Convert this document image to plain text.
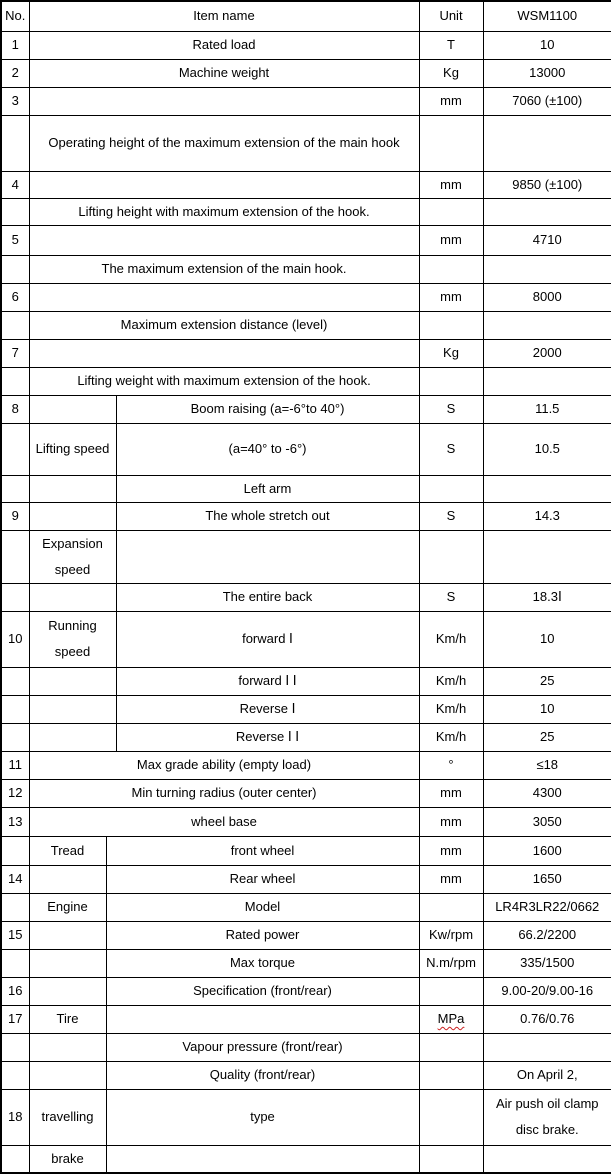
No.	Item name			Unit	WSM1100
1	Rated load			T	10
2	Machine weight			Kg	13000
3				mm	7060 (±100)
	Operating height of the maximum extension of the main hook				
4				mm	9850 (±100)
	Lifting height with maximum extension of the hook.				
5				mm	4710
	The maximum extension of the main hook.				
6				mm	8000
	Maximum extension distance (level)				
7				Kg	2000
	Lifting weight with maximum extension of the hook.				
8			Boom raising (a=-6°to 40°)	S	11.5
	Lifting speed		(a=40° to -6°)	S	10.5
			Left arm		
9			The whole stretch out	S	14.3
	Expansion speed				
			The entire back	S	18.3Ⅰ
10	Running speed		forward Ⅰ	Km/h	10
			forward Ⅰ Ⅰ	Km/h	25
			Reverse Ⅰ	Km/h	10
			Reverse Ⅰ Ⅰ	Km/h	25
11	Max grade ability (empty load)			°	≤18
12	Min turning radius (outer center)			mm	4300
13	wheel base			mm	3050
	Tread	front wheel		mm	1600
14		Rear wheel		mm	1650
	Engine	Model			LR4R3LR22/0662
15		Rated power		Kw/rpm	66.2/2200
		Max torque		N.m/rpm	335/1500
16		Specification (front/rear)			9.00-20/9.00-16
17	Tire			MPa	0.76/0.76
		Vapour pressure (front/rear)			
		Quality (front/rear)			On April 2,
18	travelling	type			Air push oil clamp disc brake.
	brake				
